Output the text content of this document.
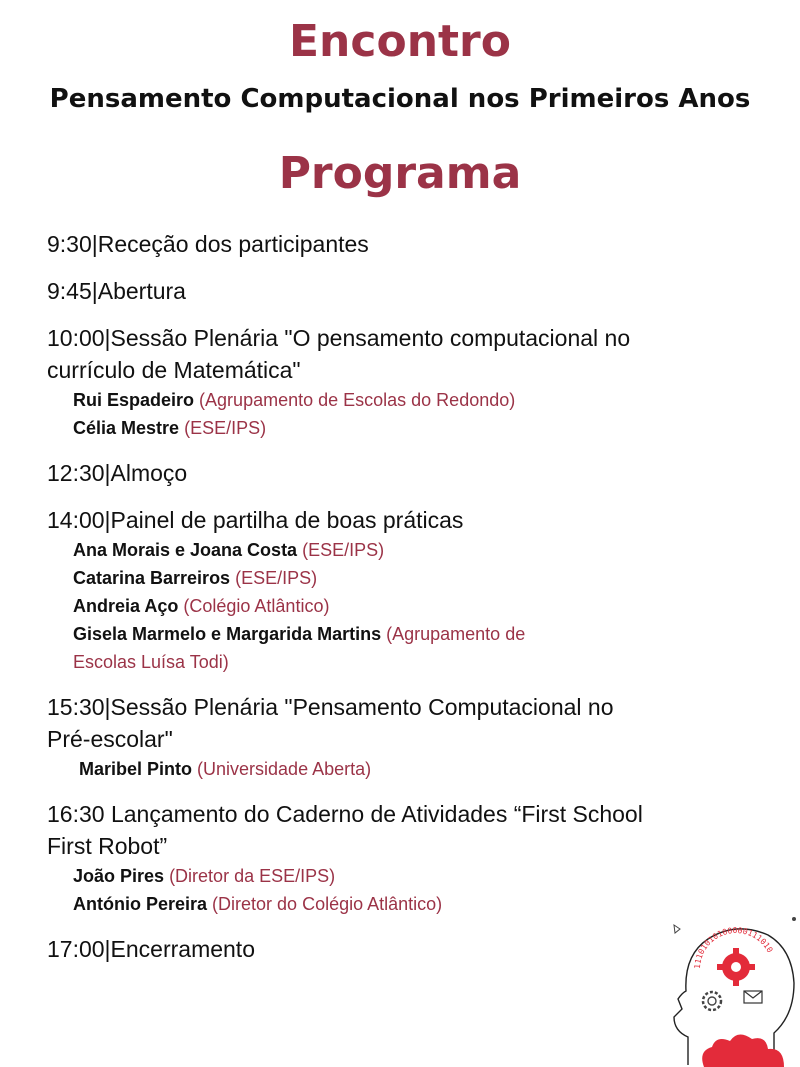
Encontro
Pensamento Computacional nos Primeiros Anos
Programa
9:30|Receção dos participantes
9:45|Abertura
10:00|Sessão Plenária "O pensamento computacional no
currículo de Matemática"
Rui Espadeiro (Agrupamento de Escolas do Redondo)
Célia Mestre (ESE/IPS)
12:30|Almoço
14:00|Painel de partilha de boas práticas
Ana Morais e Joana Costa (ESE/IPS)
Catarina Barreiros (ESE/IPS)
Andreia Aço (Colégio Atlântico)
Gisela Marmelo e Margarida Martins (Agrupamento de
Escolas Luísa Todi)
15:30|Sessão Plenária "Pensamento Computacional no
Pré-escolar"
Maribel Pinto (Universidade Aberta)
16:30 Lançamento do Caderno de Atividades “First School
First Robot”
João Pires (Diretor da ESE/IPS)
António Pereira (Diretor do Colégio Atlântico)
17:00|Encerramento
11101010100000111010
